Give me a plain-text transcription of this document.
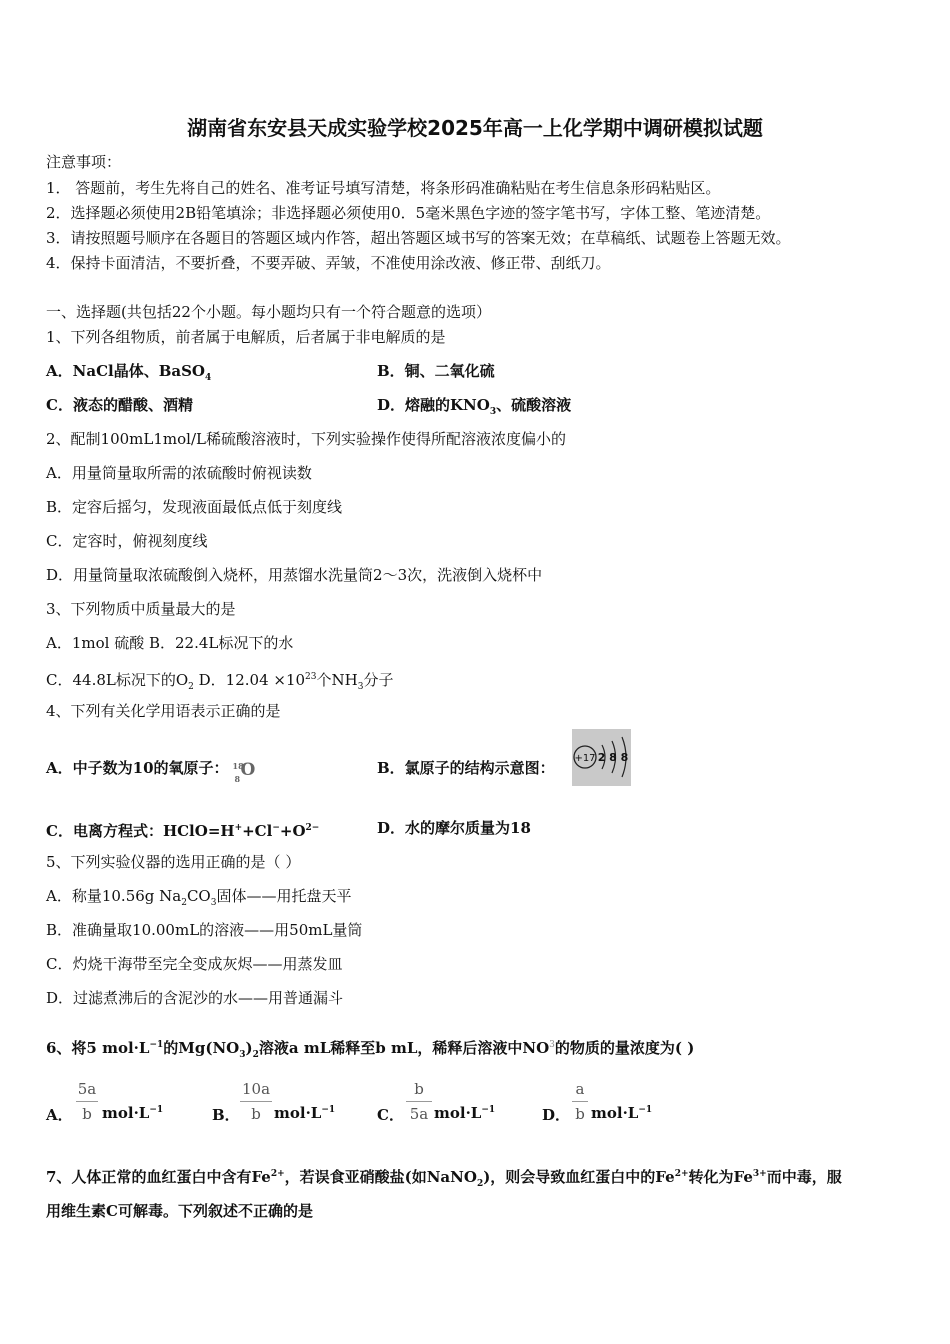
湖南省东安县天成实验学校2025年高一上化学期中调研模拟试题
注意事项：
1． 答题前，考生先将自己的姓名、准考证号填写清楚，将条形码准确粘贴在考生信息条形码粘贴区。
2．选择题必须使用2B铅笔填涂；非选择题必须使用0．5毫米黑色字迹的签字笔书写，字体工整、笔迹清楚。
3．请按照题号顺序在各题目的答题区域内作答，超出答题区域书写的答案无效；在草稿纸、试题卷上答题无效。
4．保持卡面清洁，不要折叠，不要弄破、弄皱，不准使用涂改液、修正带、刮纸刀。
一、选择题(共包括22个小题。每小题均只有一个符合题意的选项）
1、下列各组物质，前者属于电解质，后者属于非电解质的是
A．NaCl晶体、BaSO$_4$	B．铜、二氧化硫
C．液态的醋酸、酒精	D．熔融的$KNO_3$、硫酸溶液
2、配制100mL1mol/L稀硫酸溶液时，下列实验操作使得所配溶液浓度偏小的
A．用量筒量取所需的浓硫酸时俯视读数
B．定容后摇匀，发现液面最低点低于刻度线
C．定容时，俯视刻度线
D．用量筒量取浓硫酸倒入烧杯，用蒸馏水洗量筒2～3次，洗液倒入烧杯中
3、下列物质中质量最大的是
A．1mol 硫酸 B．22.4L标况下的水
C．44.8L标况下的$O_2$ D．$12.04 \times 10^{23}$个$NH_3$分子
4、下列有关化学用语表示正确的是
A．中子数为10的氧原子： 18
8 O	B．氯原子的结构示意图：
+17 2 8 8
C．电离方程式：$HClO=H^++Cl^-+O^{2-}$	D．水的摩尔质量为18
5、下列实验仪器的选用正确的是（ ）
A．称量10.56g $Na_2CO_3$固体——用托盘天平
B．准确量取10.00mL的溶液——用50mL量筒
C．灼烧干海带至完全变成灰烬——用蒸发皿
D．过滤煮沸后的含泥沙的水——用普通漏斗
6、将5 $mol\cdot L^{-1}$的$Mg(NO_3)_2$溶液a mL稀释至b mL，稀释后溶液中$NO^3$的物质的量浓度为( )
A．
5a
b $mol\cdot L^{-1}$	B．
10a
b $mol\cdot L^{-1}$	C．
b
5a $mol\cdot L^{-1}$	D．
a
b $mol\cdot L^{-1}$
7、人体正常的血红蛋白中含有$Fe^{2+}$，若误食亚硝酸盐(如NaNO$_2$)，则会导致血红蛋白中的$Fe^{2+}$转化为$Fe^{3+}$而中毒，服
用维生素C可解毒。下列叙述不正确的是
